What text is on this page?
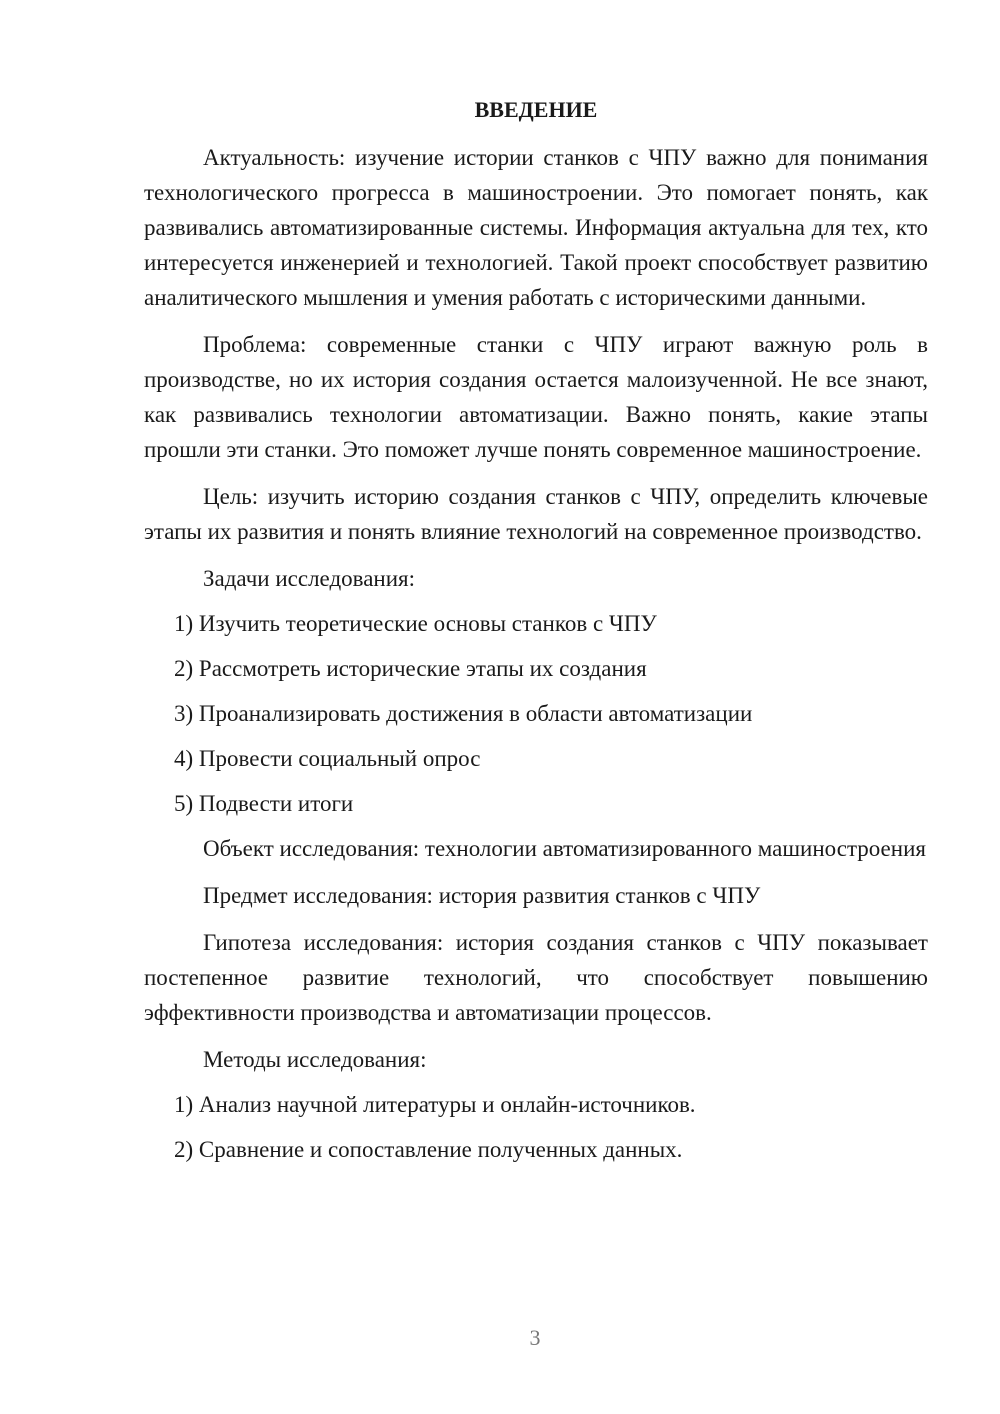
ВВЕДЕНИЕ

Актуальность: изучение истории станков с ЧПУ важно для понимания технологического прогресса в машиностроении. Это помогает понять, как развивались автоматизированные системы. Информация актуальна для тех, кто интересуется инженерией и технологией. Такой проект способствует развитию аналитического мышления и умения работать с историческими данными.

Проблема: современные станки с ЧПУ играют важную роль в производстве, но их история создания остается малоизученной. Не все знают, как развивались технологии автоматизации. Важно понять, какие этапы прошли эти станки. Это поможет лучше понять современное машиностроение.

Цель: изучить историю создания станков с ЧПУ, определить ключевые этапы их развития и понять влияние технологий на современное производство.

Задачи исследования:
1) Изучить теоретические основы станков с ЧПУ
2) Рассмотреть исторические этапы их создания
3) Проанализировать достижения в области автоматизации
4) Провести социальный опрос
5) Подвести итоги

Объект исследования: технологии автоматизированного машиностроения

Предмет исследования: история развития станков с ЧПУ

Гипотеза исследования: история создания станков с ЧПУ показывает постепенное развитие технологий, что способствует повышению эффективности производства и автоматизации процессов.

Методы исследования:
1) Анализ научной литературы и онлайн-источников.
2) Сравнение и сопоставление полученных данных.
3
